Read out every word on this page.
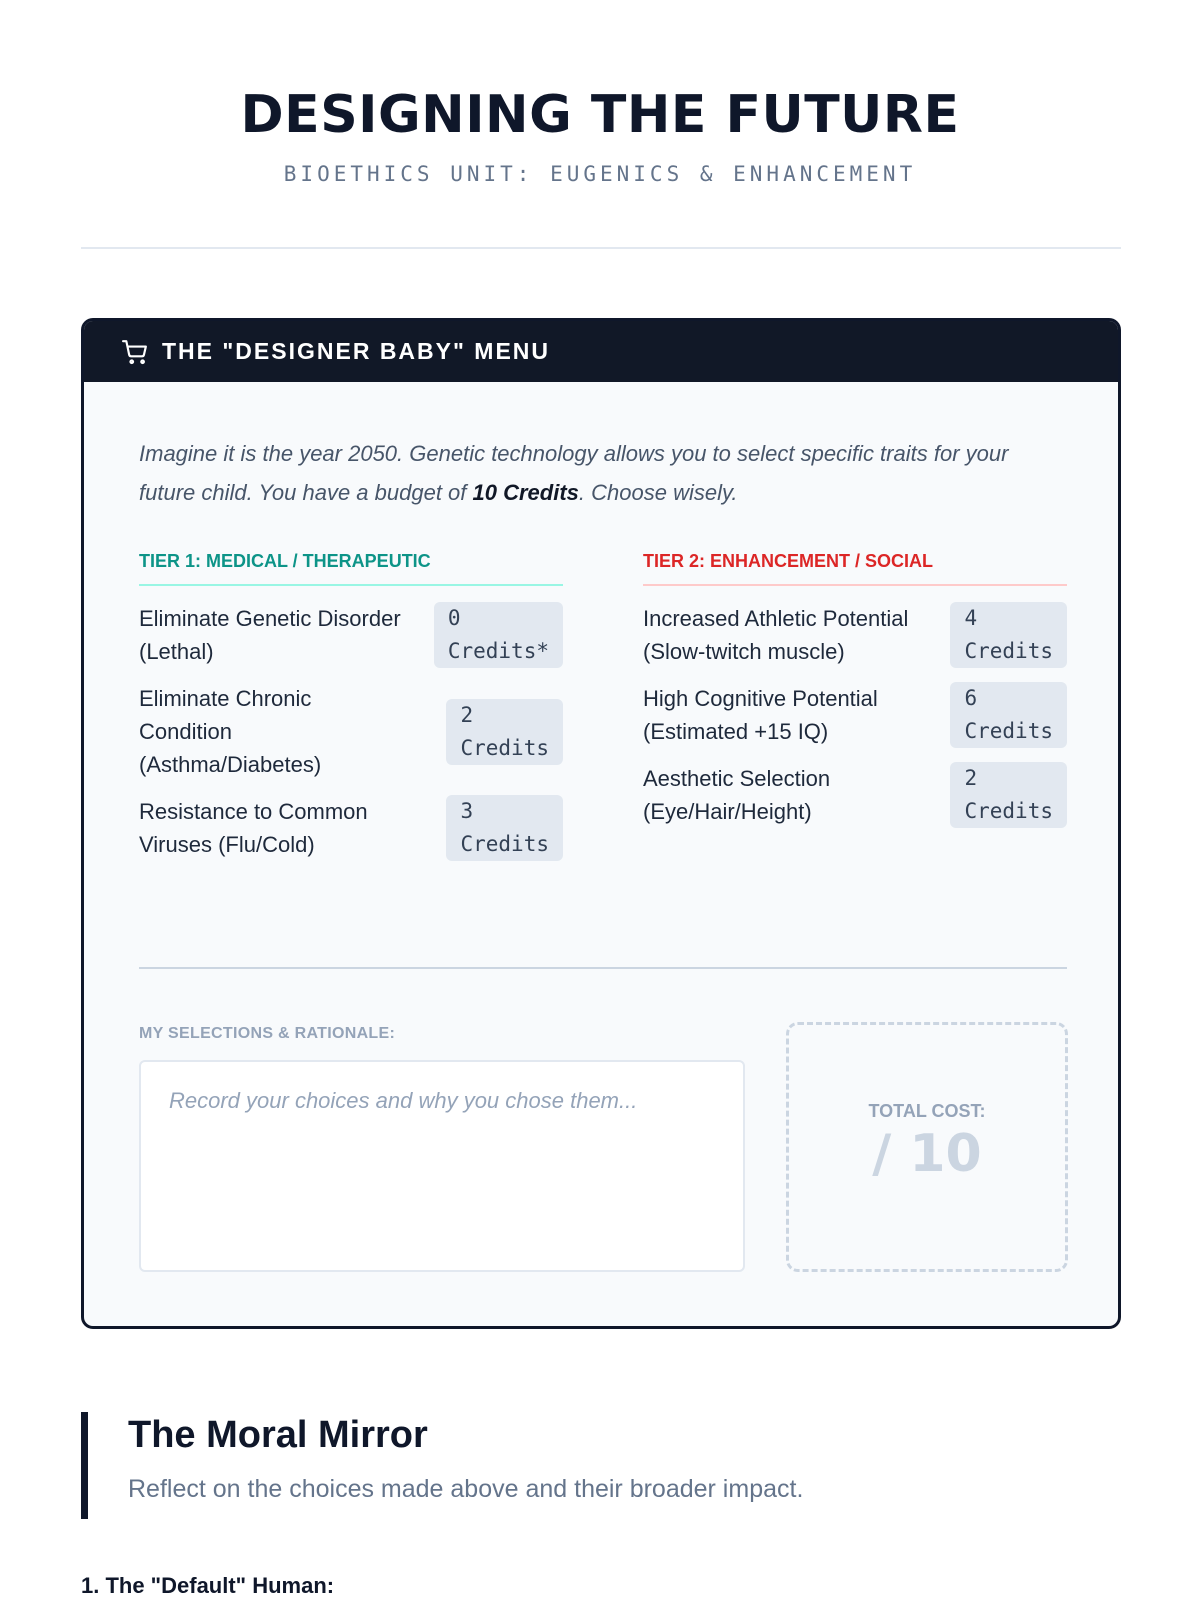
DESIGNING THE FUTURE
BIOETHICS UNIT: EUGENICS & ENHANCEMENT
THE "DESIGNER BABY" MENU
Imagine it is the year 2050. Genetic technology allows you to select specific traits for your future child. You have a budget of 10 Credits. Choose wisely.
TIER 1: MEDICAL / THERAPEUTIC
Eliminate Genetic Disorder (Lethal)
0
Credits*
Eliminate Chronic Condition (Asthma/Diabetes)
2
Credits
Resistance to Common Viruses (Flu/Cold)
3
Credits
TIER 2: ENHANCEMENT / SOCIAL
Increased Athletic Potential (Slow-twitch muscle)
4
Credits
High Cognitive Potential (Estimated +15 IQ)
6
Credits
Aesthetic Selection (Eye/Hair/Height)
2
Credits
MY SELECTIONS & RATIONALE:
Record your choices and why you chose them...
TOTAL COST:
/ 10
The Moral Mirror
Reflect on the choices made above and their broader impact.
1. The "Default" Human:
